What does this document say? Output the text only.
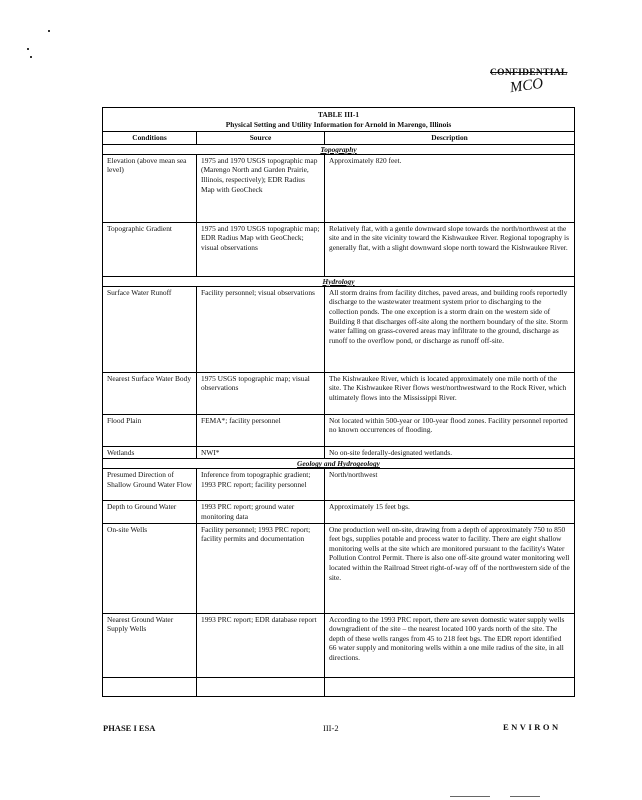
CONFIDENTIAL
MCO
TABLE III-1
Physical Setting and Utility Information for Arnold in Marengo, Illinois		

Conditions	Source	Description
Topography		
Elevation (above mean sea level)	1975 and 1970 USGS topographic map (Marengo North and Garden Prairie, Illinois, respectively); EDR Radius Map with GeoCheck	Approximately 820 feet.
Topographic Gradient	1975 and 1970 USGS topographic map; EDR Radius Map with GeoCheck; visual observations	Relatively flat, with a gentle downward slope towards the north/northwest at the site and in the site vicinity toward the Kishwaukee River. Regional topography is generally flat, with a slight downward slope north toward the Kishwaukee River.
Hydrology		
Surface Water Runoff	Facility personnel; visual observations	All storm drains from facility ditches, paved areas, and building roofs reportedly discharge to the wastewater treatment system prior to discharging to the collection ponds. The one exception is a storm drain on the western side of Building 8 that discharges off-site along the northern boundary of the site. Storm water falling on grass-covered areas may infiltrate to the ground, discharge as runoff to the overflow pond, or discharge as runoff off-site.
Nearest Surface Water Body	1975 USGS topographic map; visual observations	The Kishwaukee River, which is located approximately one mile north of the site. The Kishwaukee River flows west/northwestward to the Rock River, which ultimately flows into the Mississippi River.
Flood Plain	FEMA*; facility personnel	Not located within 500-year or 100-year flood zones. Facility personnel reported no known occurrences of flooding.
Wetlands	NWI*	No on-site federally-designated wetlands.
Geology and Hydrogeology		
Presumed Direction of Shallow Ground Water Flow	Inference from topographic gradient; 1993 PRC report; facility personnel	North/northwest
Depth to Ground Water	1993 PRC report; ground water monitoring data	Approximately 15 feet bgs.
On-site Wells	Facility personnel; 1993 PRC report; facility permits and documentation	One production well on-site, drawing from a depth of approximately 750 to 850 feet bgs, supplies potable and process water to facility. There are eight shallow monitoring wells at the site which are monitored pursuant to the facility's Water Pollution Control Permit. There is also one off-site ground water monitoring well located within the Railroad Street right-of-way off of the northwestern side of the site.
Nearest Ground Water Supply Wells	1993 PRC report; EDR database report	According to the 1993 PRC report, there are seven domestic water supply wells downgradient of the site – the nearest located 100 yards north of the site. The depth of these wells ranges from 45 to 218 feet bgs. The EDR report identified 66 water supply and monitoring wells within a one mile radius of the site, in all directions.

PHASE I ESA	III-2	ENVIRON
